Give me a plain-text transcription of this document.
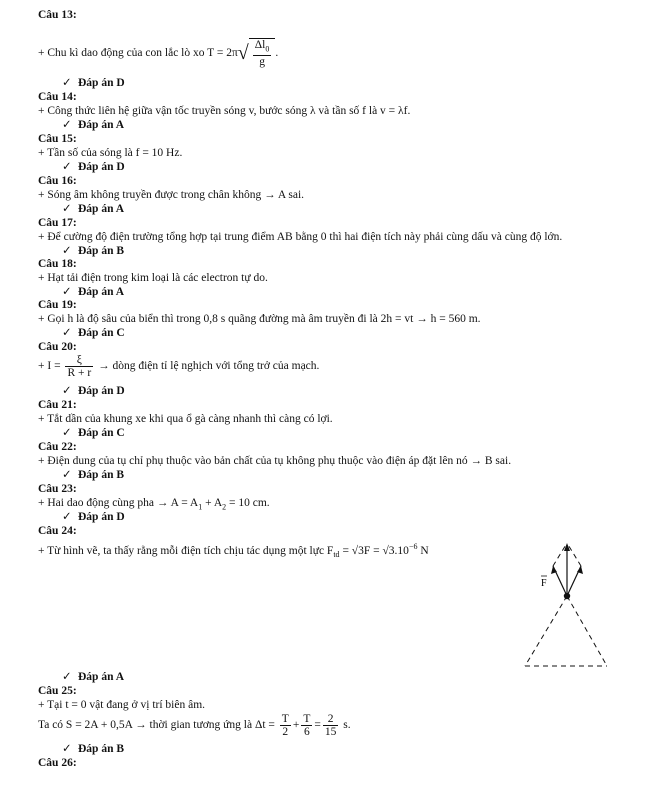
Câu 13:
+ Chu kì dao động của con lắc lò xo $T = 2\pi√ \frac{\Delta l_0}{g}$ .
✓ Đáp án D
Câu 14:
+ Công thức liên hệ giữa vận tốc truyền sóng v, bước sóng λ và tần số f là v = λf.
✓ Đáp án A
Câu 15:
+ Tần số của sóng là f = 10 Hz.
✓ Đáp án D
Câu 16:
+ Sóng âm không truyền được trong chân không → A sai.
✓ Đáp án A
Câu 17:
+ Để cường độ điện trường tổng hợp tại trung điểm AB bằng 0 thì hai điện tích này phải cùng dấu và cùng độ lớn.
✓ Đáp án B
Câu 18:
+ Hạt tải điện trong kim loại là các electron tự do.
✓ Đáp án A
Câu 19:
+ Gọi h là độ sâu của biển thì trong 0,8 s quãng đường mà âm truyền đi là 2h = vt → h = 560 m.
✓ Đáp án C
Câu 20:
+ $I = \frac{\xi}{R + r}$ → dòng điện tỉ lệ nghịch với tổng trở của mạch.
✓ Đáp án D
Câu 21:
+ Tắt dần của khung xe khi qua ổ gà càng nhanh thì càng có lợi.
✓ Đáp án C
Câu 22:
+ Điện dung của tụ chỉ phụ thuộc vào bản chất của tụ không phụ thuộc vào điện áp đặt lên nó → B sai.
✓ Đáp án B
Câu 23:
+ Hai dao động cùng pha → $A = A_1 + A_2 = 10$ cm.
✓ Đáp án D
Câu 24:
+ Từ hình vẽ, ta thấy rằng mỗi điện tích chịu tác dụng một lực $F_{td} = √3F = √3.10^{-6}$ N
F
✓ Đáp án A
Câu 25:
+ Tại t = 0 vật đang ở vị trí biên âm.
Ta có S = 2A + 0,5A → thời gian tương ứng là $\Delta t = \frac{T}{2} + \frac{T}{6} = \frac{2}{15} s$.
✓ Đáp án B
Câu 26:
